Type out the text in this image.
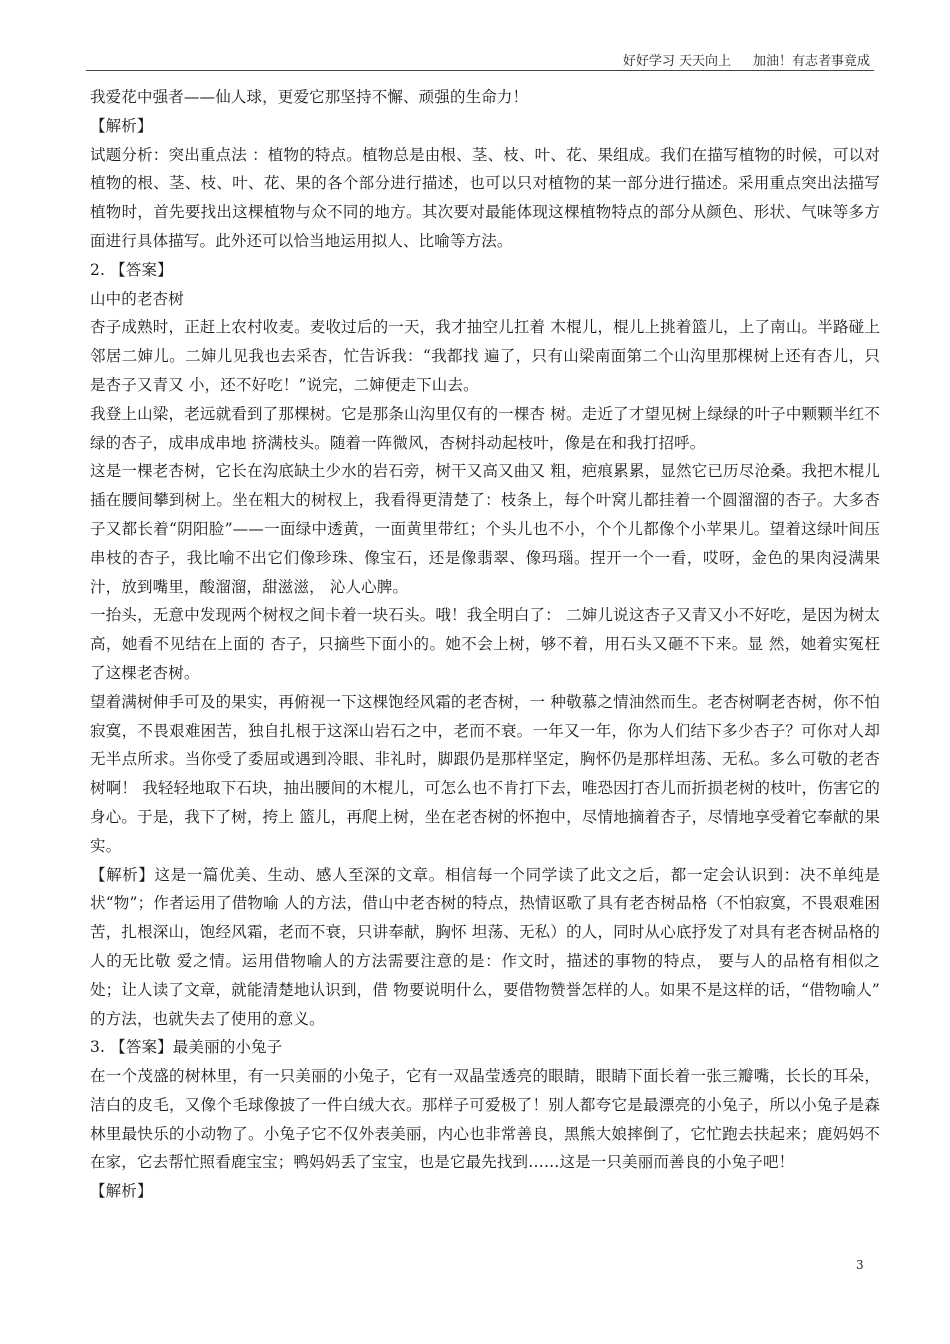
好好学习 天天向上 加油！有志者事竟成

我爱花中强者——仙人球，更爱它那坚持不懈、顽强的生命力！

【解析】

试题分析：突出重点法 ：植物的特点。植物总是由根、茎、枝、叶、花、果组成。我们在描写植物的时候，可以对植物的根、茎、枝、叶、花、果的各个部分进行描述，也可以只对植物的某一部分进行描述。采用重点突出法描写植物时，首先要找出这棵植物与众不同的地方。其次要对最能体现这棵植物特点的部分从颜色、形状、气味等多方面进行具体描写。此外还可以恰当地运用拟人、比喻等方法。

2. 【答案】

山中的老杏树

杏子成熟时，正赶上农村收麦。麦收过后的一天，我才抽空儿扛着 木棍儿，棍儿上挑着篮儿，上了南山。半路碰上邻居二婶儿。二婶儿见我也去采杏，忙告诉我：“我都找 遍了，只有山梁南面第二个山沟里那棵树上还有杏儿，只是杏子又青又 小，还不好吃！”说完，二婶便走下山去。

我登上山梁，老远就看到了那棵树。它是那条山沟里仅有的一棵杏 树。走近了才望见树上绿绿的叶子中颗颗半红不绿的杏子，成串成串地 挤满枝头。随着一阵微风，杏树抖动起枝叶，像是在和我打招呼。

这是一棵老杏树，它长在沟底缺土少水的岩石旁，树干又高又曲又 粗，疤痕累累，显然它已历尽沧桑。我把木棍儿插在腰间攀到树上。坐在粗大的树杈上，我看得更清楚了：枝条上，每个叶窝儿都挂着一个圆溜溜的杏子。大多杏子又都长着“阴阳脸”——一面绿中透黄，一面黄里带红；个头儿也不小，个个儿都像个小苹果儿。望着这绿叶间压串枝的杏子，我比喻不出它们像珍珠、像宝石，还是像翡翠、像玛瑙。捏开一个一看，哎呀，金色的果肉浸满果汁，放到嘴里，酸溜溜，甜滋滋， 沁人心脾。

一抬头，无意中发现两个树杈之间卡着一块石头。哦！我全明白了： 二婶儿说这杏子又青又小不好吃，是因为树太高，她看不见结在上面的 杏子，只摘些下面小的。她不会上树，够不着，用石头又砸不下来。显 然，她着实冤枉了这棵老杏树。

望着满树伸手可及的果实，再俯视一下这棵饱经风霜的老杏树，一 种敬慕之情油然而生。老杏树啊老杏树，你不怕寂寞，不畏艰难困苦，独自扎根于这深山岩石之中，老而不衰。一年又一年，你为人们结下多少杏子？可你对人却无半点所求。当你受了委屈或遇到冷眼、非礼时，脚跟仍是那样坚定，胸怀仍是那样坦荡、无私。多么可敬的老杏树啊！ 我轻轻地取下石块，抽出腰间的木棍儿，可怎么也不肯打下去，唯恐因打杏儿而折损老树的枝叶，伤害它的身心。于是，我下了树，挎上 篮儿，再爬上树，坐在老杏树的怀抱中，尽情地摘着杏子，尽情地享受着它奉献的果实。

【解析】这是一篇优美、生动、感人至深的文章。相信每一个同学读了此文之后，都一定会认识到：决不单纯是状“物”；作者运用了借物喻 人的方法，借山中老杏树的特点，热情讴歌了具有老杏树品格（不怕寂寞，不畏艰难困苦，扎根深山，饱经风霜，老而不衰，只讲奉献，胸怀 坦荡、无私）的人，同时从心底抒发了对具有老杏树品格的人的无比敬 爱之情。运用借物喻人的方法需要注意的是：作文时，描述的事物的特点， 要与人的品格有相似之处；让人读了文章，就能清楚地认识到，借 物要说明什么，要借物赞誉怎样的人。如果不是这样的话，“借物喻人” 的方法，也就失去了使用的意义。

3. 【答案】最美丽的小兔子

在一个茂盛的树林里，有一只美丽的小兔子，它有一双晶莹透亮的眼睛，眼睛下面长着一张三瓣嘴，长长的耳朵，洁白的皮毛，又像个毛球像披了一件白绒大衣。那样子可爱极了！别人都夸它是最漂亮的小兔子，所以小兔子是森林里最快乐的小动物了。小兔子它不仅外表美丽，内心也非常善良，黑熊大娘摔倒了，它忙跑去扶起来；鹿妈妈不在家，它去帮忙照看鹿宝宝；鸭妈妈丢了宝宝，也是它最先找到……这是一只美丽而善良的小兔子吧！

【解析】

3
